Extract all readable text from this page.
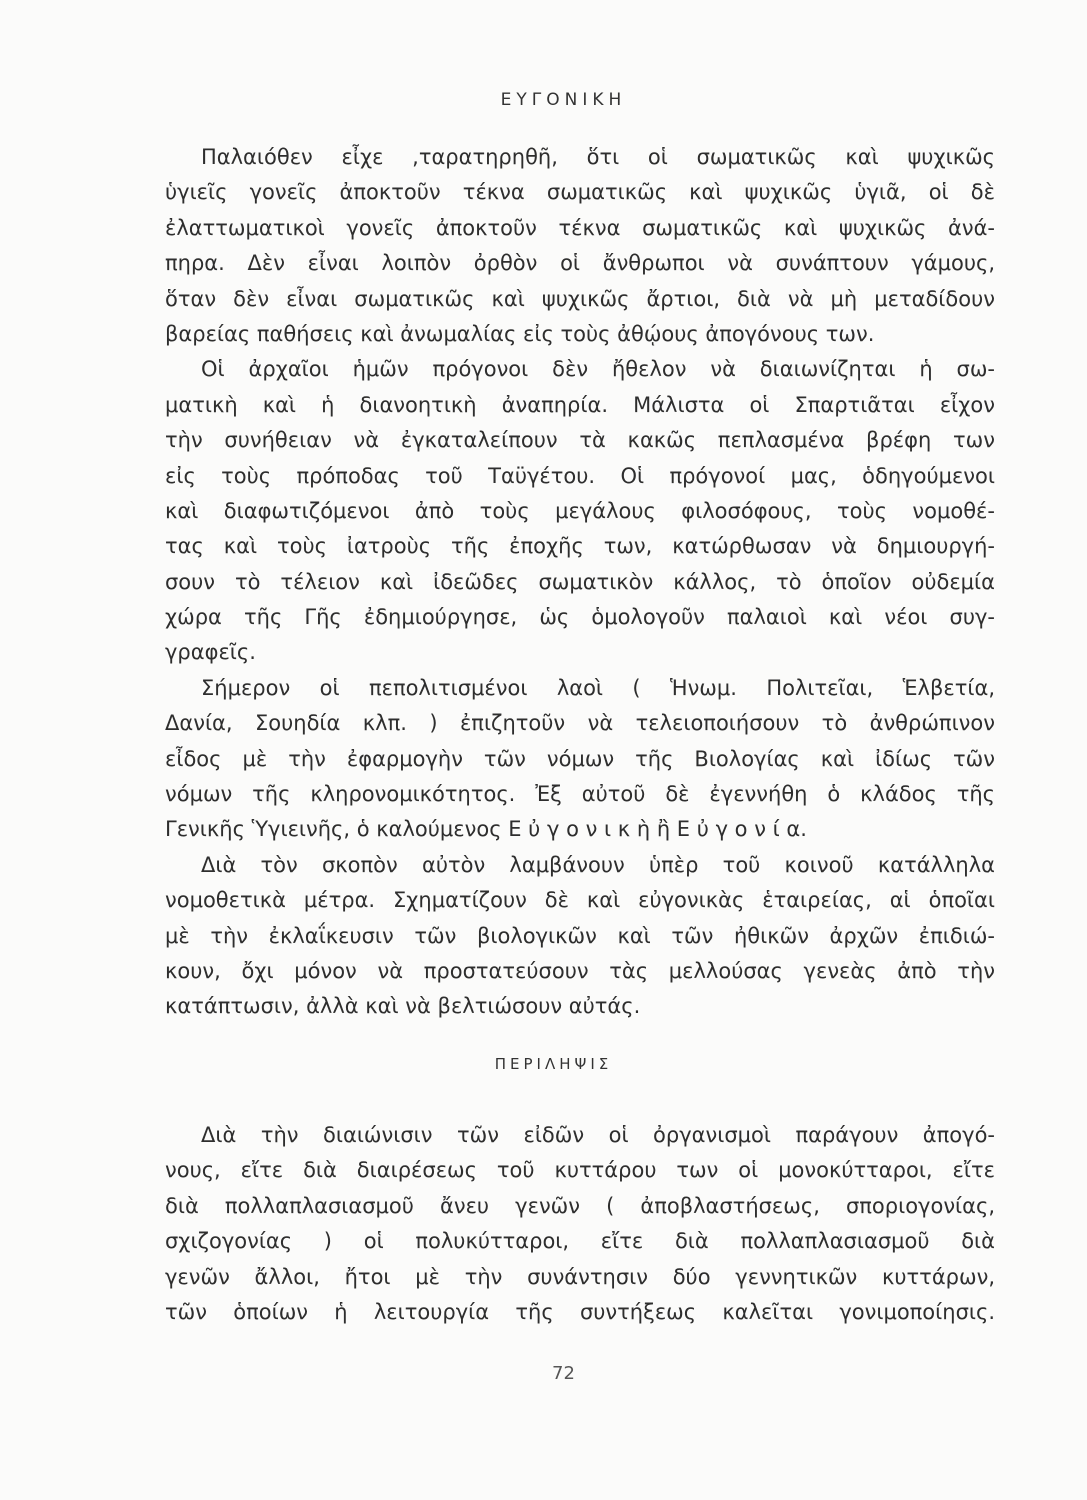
ΕΥΓΟΝΙΚΗ
Παλαιόθεν εἶχε ,ταρατηρηθῆ, ὅτι οἱ σωματικῶς καὶ ψυχικῶς
ὑγιεῖς γονεῖς ἀποκτοῦν τέκνα σωματικῶς καὶ ψυχικῶς ὑγιᾶ, οἱ δὲ
ἐλαττωματικοὶ γονεῖς ἀποκτοῦν τέκνα σωματικῶς καὶ ψυχικῶς ἀνά-
πηρα. Δὲν εἶναι λοιπὸν ὀρθὸν οἱ ἄνθρωποι νὰ συνάπτουν γάμους,
ὅταν δὲν εἶναι σωματικῶς καὶ ψυχικῶς ἄρτιοι, διὰ νὰ μὴ μεταδίδουν
βαρείας παθήσεις καὶ ἀνωμαλίας εἰς τοὺς ἀθῴους ἀπογόνους των.
Οἱ ἀρχαῖοι ἡμῶν πρόγονοι δὲν ἤθελον νὰ διαιωνίζηται ἡ σω-
ματικὴ καὶ ἡ διανοητικὴ ἀναπηρία. Μάλιστα οἱ Σπαρτιᾶται εἶχον
τὴν συνήθειαν νὰ ἐγκαταλείπουν τὰ κακῶς πεπλασμένα βρέφη των
εἰς τοὺς πρόποδας τοῦ Ταϋγέτου. Οἱ πρόγονοί μας, ὁδηγούμενοι
καὶ διαφωτιζόμενοι ἀπὸ τοὺς μεγάλους φιλοσόφους, τοὺς νομοθέ-
τας καὶ τοὺς ἰατροὺς τῆς ἐποχῆς των, κατώρθωσαν νὰ δημιουργή-
σουν τὸ τέλειον καὶ ἰδεῶδες σωματικὸν κάλλος, τὸ ὁποῖον οὐδεμία
χώρα τῆς Γῆς ἐδημιούργησε, ὡς ὁμολογοῦν παλαιοὶ καὶ νέοι συγ-
γραφεῖς.
Σήμερον οἱ πεπολιτισμένοι λαοὶ ( Ἡνωμ. Πολιτεῖαι, Ἑλβετία,
Δανία, Σουηδία κλπ. ) ἐπιζητοῦν νὰ τελειοποιήσουν τὸ ἀνθρώπινον
εἶδος μὲ τὴν ἐφαρμογὴν τῶν νόμων τῆς Βιολογίας καὶ ἰδίως τῶν
νόμων τῆς κληρονομικότητος. Ἐξ αὐτοῦ δὲ ἐγεννήθη ὁ κλάδος τῆς
Γενικῆς Ὑγιεινῆς, ὁ καλούμενος Ε ὐ γ ο ν ι κ ὴ ἢ Ε ὐ γ ο ν ί α.
Διὰ τὸν σκοπὸν αὐτὸν λαμβάνουν ὑπὲρ τοῦ κοινοῦ κατάλληλα
νομοθετικὰ μέτρα. Σχηματίζουν δὲ καὶ εὐγονικὰς ἑταιρείας, αἱ ὁποῖαι
μὲ τὴν ἐκλαΐκευσιν τῶν βιολογικῶν καὶ τῶν ἠθικῶν ἀρχῶν ἐπιδιώ-
κουν, ὄχι μόνον νὰ προστατεύσουν τὰς μελλούσας γενεὰς ἀπὸ τὴν
κατάπτωσιν, ἀλλὰ καὶ νὰ βελτιώσουν αὐτάς.
ΠΕΡΙΛΗΨΙΣ
Διὰ τὴν διαιώνισιν τῶν εἰδῶν οἱ ὀργανισμοὶ παράγουν ἀπογό-
νους, εἴτε διὰ διαιρέσεως τοῦ κυττάρου των οἱ μονοκύτταροι, εἴτε
διὰ πολλαπλασιασμοῦ ἄνευ γενῶν ( ἀποβλαστήσεως, σποριογονίας,
σχιζογονίας ) οἱ πολυκύτταροι, εἴτε διὰ πολλαπλασιασμοῦ διὰ
γενῶν ἄλλοι, ἤτοι μὲ τὴν συνάντησιν δύο γεννητικῶν κυττάρων,
τῶν ὁποίων ἡ λειτουργία τῆς συντήξεως καλεῖται γονιμοποίησις.
72
